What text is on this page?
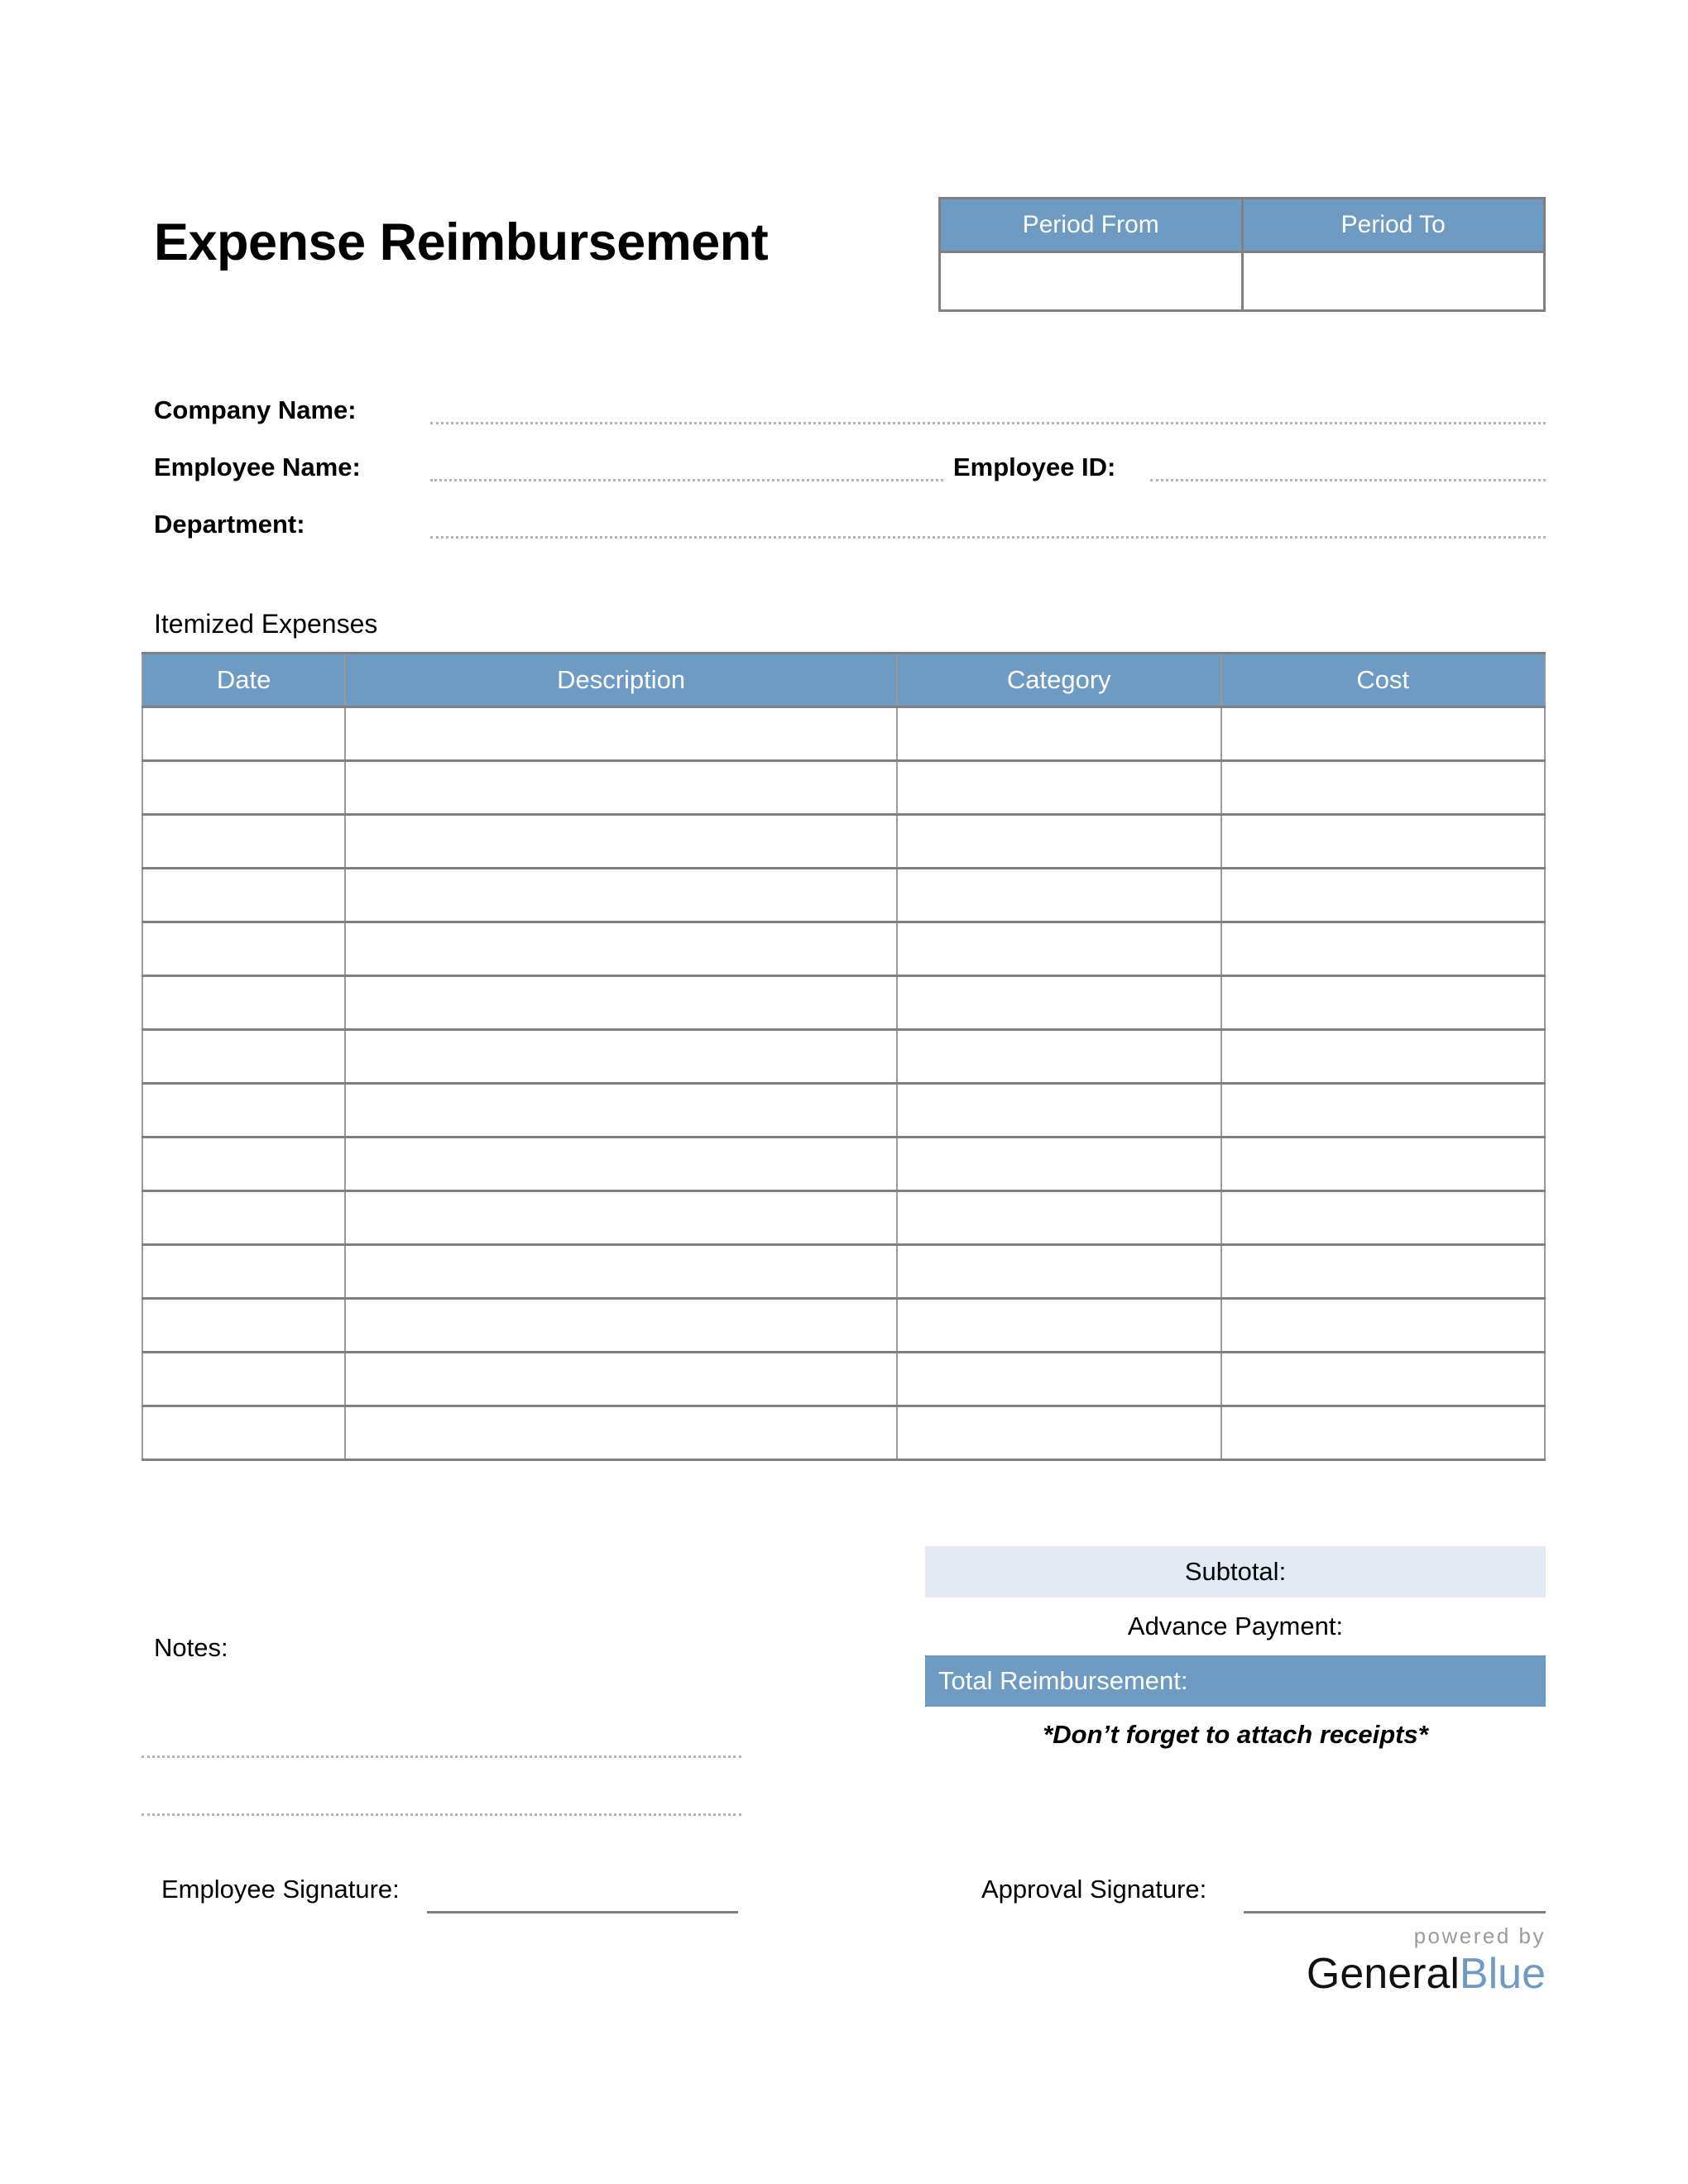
Expense Reimbursement	Period From	Period To

Company Name:
Employee Name:	Employee ID:
Department:
Itemized Expenses
Date	Description	Category	Cost

Subtotal:
Advance Payment:
Total Reimbursement:
*Don’t forget to attach receipts*
Notes:
Employee Signature:	Approval Signature:
powered by
GeneralBlue
